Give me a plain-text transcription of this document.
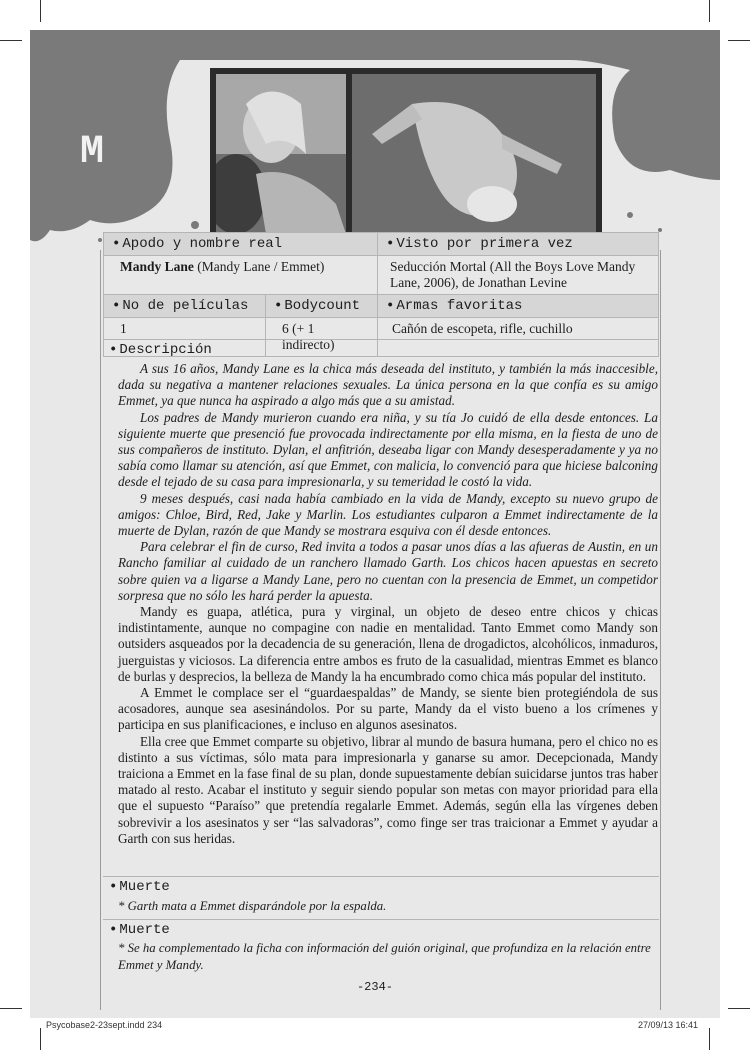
M
• Apodo y nombre real		• Visto por primera vez
Mandy Lane (Mandy Lane / Emmet)		Seducción Mortal (All the Boys Love Mandy Lane, 2006), de Jonathan Levine
• No de películas	• Bodycount	• Armas favoritas
1	6 (+ 1 indirecto)	Cañón de escopeta, rifle, cuchillo
• Descripción

A sus 16 años, Mandy Lane es la chica más deseada del instituto, y también la más inaccesible, dada su negativa a mantener relaciones sexuales. La única persona en la que confía es su amigo Emmet, ya que nunca ha aspirado a algo más que a su amistad.

Los padres de Mandy murieron cuando era niña, y su tía Jo cuidó de ella desde entonces. La siguiente muerte que presenció fue provocada indirectamente por ella misma, en la fiesta de uno de sus compañeros de instituto. Dylan, el anfitrión, deseaba ligar con Mandy desesperadamente y ya no sabía como llamar su atención, así que Emmet, con malicia, lo convenció para que hiciese balconing desde el tejado de su casa para impresionarla, y su temeridad le costó la vida.

9 meses después, casi nada había cambiado en la vida de Mandy, excepto su nuevo grupo de amigos: Chloe, Bird, Red, Jake y Marlin. Los estudiantes culparon a Emmet indirectamente de la muerte de Dylan, razón de que Mandy se mostrara esquiva con él desde entonces.

Para celebrar el fin de curso, Red invita a todos a pasar unos días a las afueras de Austin, en un Rancho familiar al cuidado de un ranchero llamado Garth. Los chicos hacen apuestas en secreto sobre quien va a ligarse a Mandy Lane, pero no cuentan con la presencia de Emmet, un competidor sorpresa que no sólo les hará perder la apuesta.

Mandy es guapa, atlética, pura y virginal, un objeto de deseo entre chicos y chicas indistintamente, aunque no compagine con nadie en mentalidad. Tanto Emmet como Mandy son outsiders asqueados por la decadencia de su generación, llena de drogadictos, alcohólicos, inmaduros, juerguistas y viciosos. La diferencia entre ambos es fruto de la casualidad, mientras Emmet es blanco de burlas y desprecios, la belleza de Mandy la ha encumbrado como chica más popular del instituto.

A Emmet le complace ser el “guardaespaldas” de Mandy, se siente bien protegiéndola de sus acosadores, aunque sea asesinándolos. Por su parte, Mandy da el visto bueno a los crímenes y participa en sus planificaciones, e incluso en algunos asesinatos.

Ella cree que Emmet comparte su objetivo, librar al mundo de basura humana, pero el chico no es distinto a sus víctimas, sólo mata para impresionarla y ganarse su amor. Decepcionada, Mandy traiciona a Emmet en la fase final de su plan, donde supuestamente debían suicidarse juntos tras haber matado al resto. Acabar el instituto y seguir siendo popular son metas con mayor prioridad para ella que el supuesto “Paraíso” que pretendía regalarle Emmet. Además, según ella las vírgenes deben sobrevivir a los asesinatos y ser “las salvadoras”, como finge ser tras traicionar a Emmet y ayudar a Garth con sus heridas.

• Muerte
* Garth mata a Emmet disparándole por la espalda.
• Muerte
* Se ha complementado la ficha con información del guión original, que profundiza en la relación entre Emmet y Mandy.
-234-
Psycobase2-23sept.indd 234	27/09/13 16:41
